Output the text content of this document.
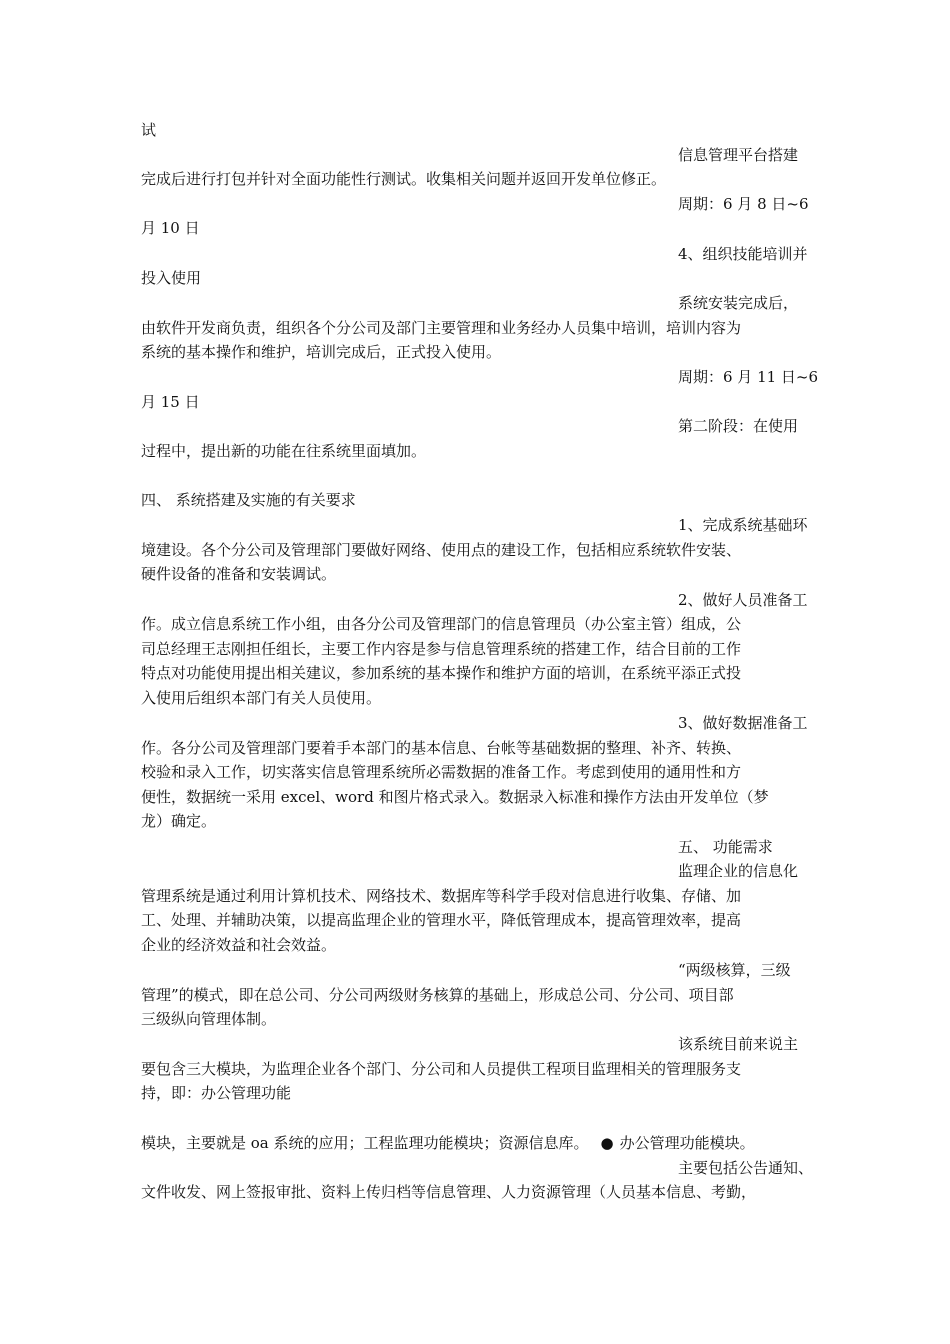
试
信息管理平台搭建
完成后进行打包并针对全面功能性行测试。收集相关问题并返回开发单位修正。
周期：6 月 8 日~6
月 10 日
4、组织技能培训并
投入使用
系统安装完成后，
由软件开发商负责，组织各个分公司及部门主要管理和业务经办人员集中培训，培训内容为
系统的基本操作和维护，培训完成后，正式投入使用。
周期：6 月 11 日~6
月 15 日
第二阶段：在使用
过程中，提出新的功能在往系统里面填加。
四、 系统搭建及实施的有关要求
1、完成系统基础环
境建设。各个分公司及管理部门要做好网络、使用点的建设工作，包括相应系统软件安装、
硬件设备的准备和安装调试。
2、做好人员准备工
作。成立信息系统工作小组，由各分公司及管理部门的信息管理员（办公室主管）组成，公
司总经理王志刚担任组长，主要工作内容是参与信息管理系统的搭建工作，结合目前的工作
特点对功能使用提出相关建议，参加系统的基本操作和维护方面的培训，在系统平添正式投
入使用后组织本部门有关人员使用。
3、做好数据准备工
作。各分公司及管理部门要着手本部门的基本信息、台帐等基础数据的整理、补齐、转换、
校验和录入工作，切实落实信息管理系统所必需数据的准备工作。考虑到使用的通用性和方
便性，数据统一采用 excel、word 和图片格式录入。数据录入标准和操作方法由开发单位（梦
龙）确定。
五、 功能需求
监理企业的信息化
管理系统是通过利用计算机技术、网络技术、数据库等科学手段对信息进行收集、存储、加
工、处理、并辅助决策，以提高监理企业的管理水平，降低管理成本，提高管理效率，提高
企业的经济效益和社会效益。
“两级核算，三级
管理”的模式，即在总公司、分公司两级财务核算的基础上，形成总公司、分公司、项目部
三级纵向管理体制。
该系统目前来说主
要包含三大模块，为监理企业各个部门、分公司和人员提供工程项目监理相关的管理服务支
持，即：办公管理功能
模块，主要就是 oa 系统的应用；工程监理功能模块；资源信息库。 ● 办公管理功能模块。
主要包括公告通知、
文件收发、网上签报审批、资料上传归档等信息管理、人力资源管理（人员基本信息、考勤，
